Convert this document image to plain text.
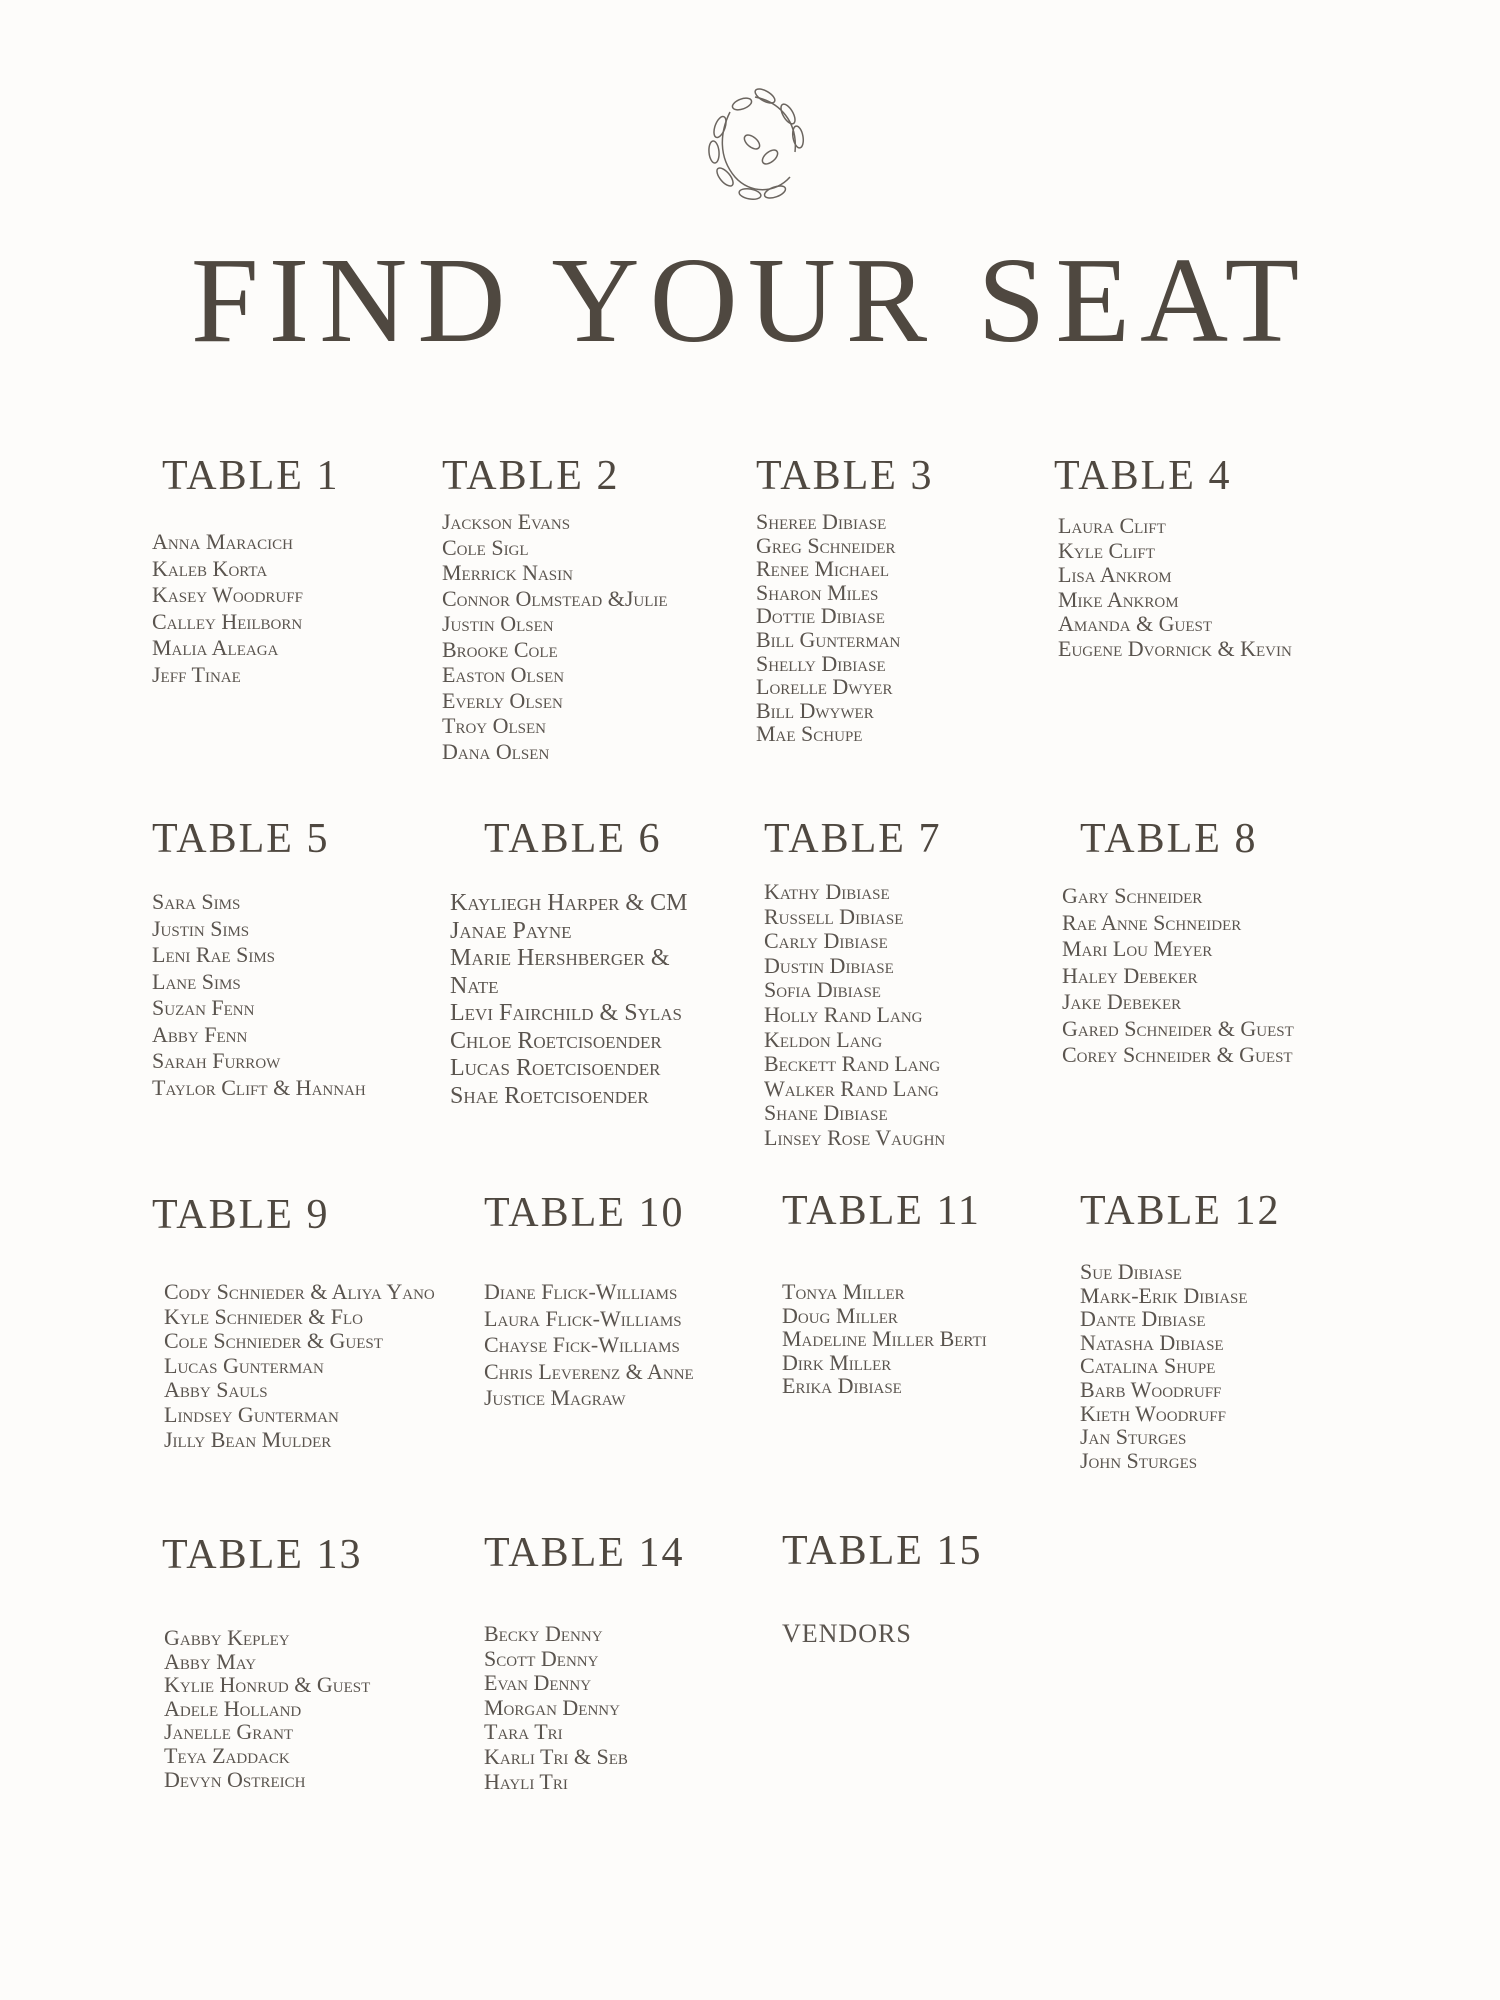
FIND YOUR SEAT
TABLE 1
Anna Maracich
Kaleb Korta
Kasey Woodruff
Calley Heilborn
Malia Aleaga
Jeff Tinae
TABLE 2
Jackson Evans
Cole Sigl
Merrick Nasin
Connor Olmstead &Julie
Justin Olsen
Brooke Cole
Easton Olsen
Everly Olsen
Troy Olsen
Dana Olsen
TABLE 3
Sheree Dibiase
Greg Schneider
Renee Michael
Sharon Miles
Dottie Dibiase
Bill Gunterman
Shelly Dibiase
Lorelle Dwyer
Bill Dwywer
Mae Schupe
TABLE 4
Laura Clift
Kyle Clift
Lisa Ankrom
Mike Ankrom
Amanda & Guest
Eugene Dvornick & Kevin
TABLE 5
Sara Sims
Justin Sims
Leni Rae Sims
Lane Sims
Suzan Fenn
Abby Fenn
Sarah Furrow
Taylor Clift & Hannah
TABLE 6
Kayliegh Harper & CM
Janae Payne
Marie Hershberger &
Nate
Levi Fairchild & Sylas
Chloe Roetcisoender
Lucas Roetcisoender
Shae Roetcisoender
TABLE 7
Kathy Dibiase
Russell Dibiase
Carly Dibiase
Dustin Dibiase
Sofia Dibiase
Holly Rand Lang
Keldon Lang
Beckett Rand Lang
Walker Rand Lang
Shane Dibiase
Linsey Rose Vaughn
TABLE 8
Gary Schneider
Rae Anne Schneider
Mari Lou Meyer
Haley Debeker
Jake Debeker
Gared Schneider & Guest
Corey Schneider & Guest
TABLE 9
Cody Schnieder & Aliya Yano
Kyle Schnieder & Flo
Cole Schnieder & Guest
Lucas Gunterman
Abby Sauls
Lindsey Gunterman
Jilly Bean Mulder
TABLE 10
Diane Flick-Williams
Laura Flick-Williams
Chayse Fick-Williams
Chris Leverenz & Anne
Justice Magraw
TABLE 11
Tonya Miller
Doug Miller
Madeline Miller Berti
Dirk Miller
Erika Dibiase
TABLE 12
Sue Dibiase
Mark-Erik Dibiase
Dante Dibiase
Natasha Dibiase
Catalina Shupe
Barb Woodruff
Kieth Woodruff
Jan Sturges
John Sturges
TABLE 13
Gabby Kepley
Abby May
Kylie Honrud & Guest
Adele Holland
Janelle Grant
Teya Zaddack
Devyn Ostreich
TABLE 14
Becky Denny
Scott Denny
Evan Denny
Morgan Denny
Tara Tri
Karli Tri & Seb
Hayli Tri
TABLE 15
VENDORS
